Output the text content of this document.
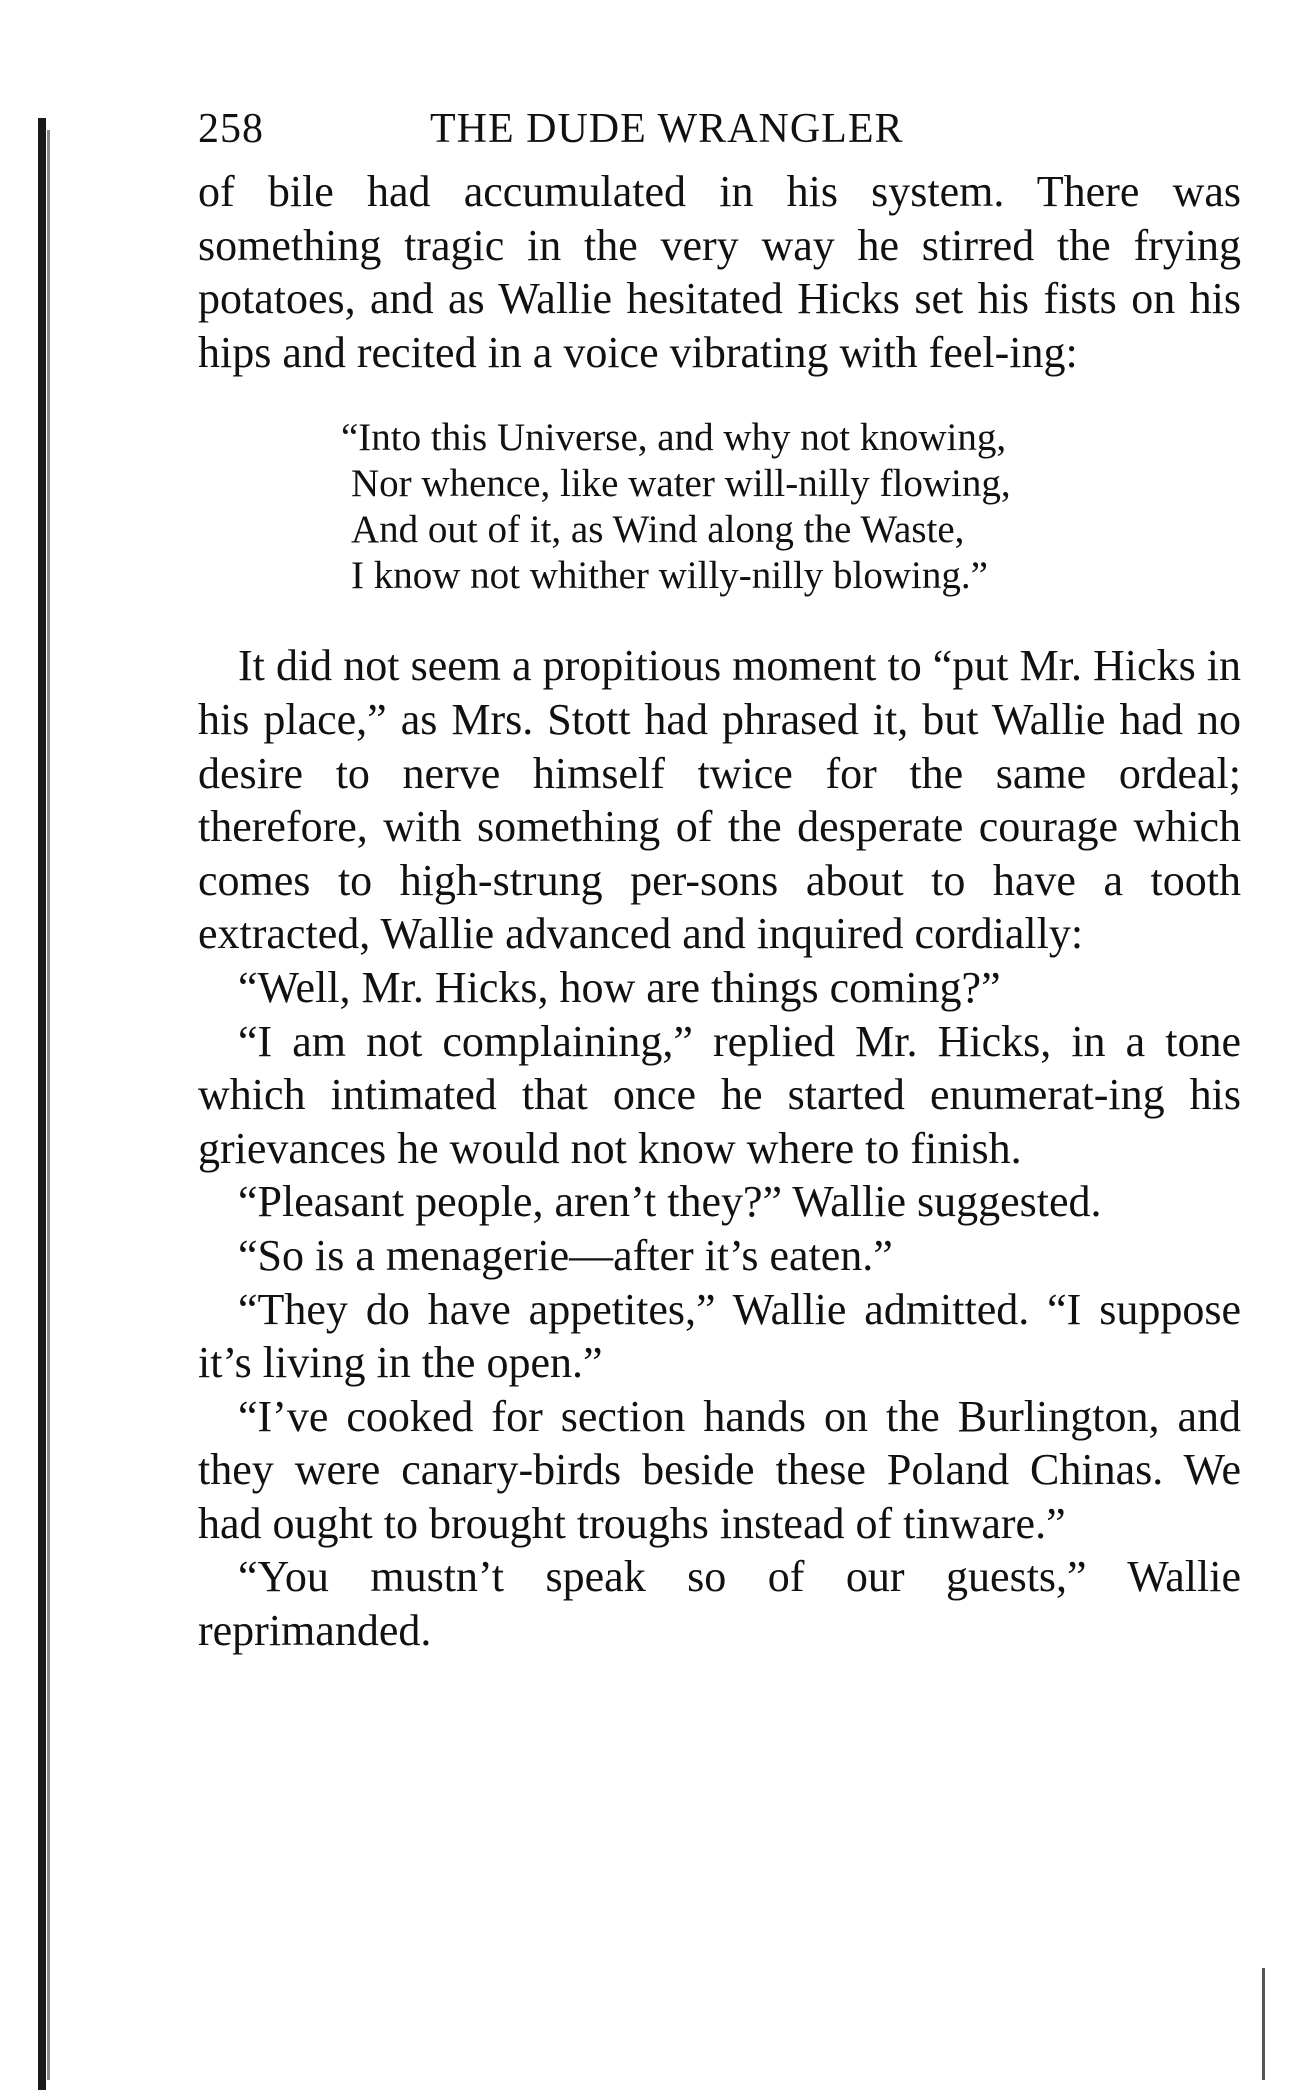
258	THE DUDE WRANGLER

of bile had accumulated in his system. There was something tragic in the very way he stirred the frying potatoes, and as Wallie hesitated Hicks set his fists on his hips and recited in a voice vibrating with feel-ing:

“Into this Universe, and why not knowing,
Nor whence, like water will-nilly flowing,
And out of it, as Wind along the Waste,
I know not whither willy-nilly blowing.”

It did not seem a propitious moment to “put Mr. Hicks in his place,” as Mrs. Stott had phrased it, but Wallie had no desire to nerve himself twice for the same ordeal; therefore, with something of the desperate courage which comes to high-strung per-sons about to have a tooth extracted, Wallie advanced and inquired cordially:

“Well, Mr. Hicks, how are things coming?”

“I am not complaining,” replied Mr. Hicks, in a tone which intimated that once he started enumerat-ing his grievances he would not know where to finish.

“Pleasant people, aren’t they?” Wallie suggested.

“So is a menagerie—after it’s eaten.”

“They do have appetites,” Wallie admitted. “I suppose it’s living in the open.”

“I’ve cooked for section hands on the Burlington, and they were canary-birds beside these Poland Chinas. We had ought to brought troughs instead of tinware.”

“You mustn’t speak so of our guests,” Wallie reprimanded.
